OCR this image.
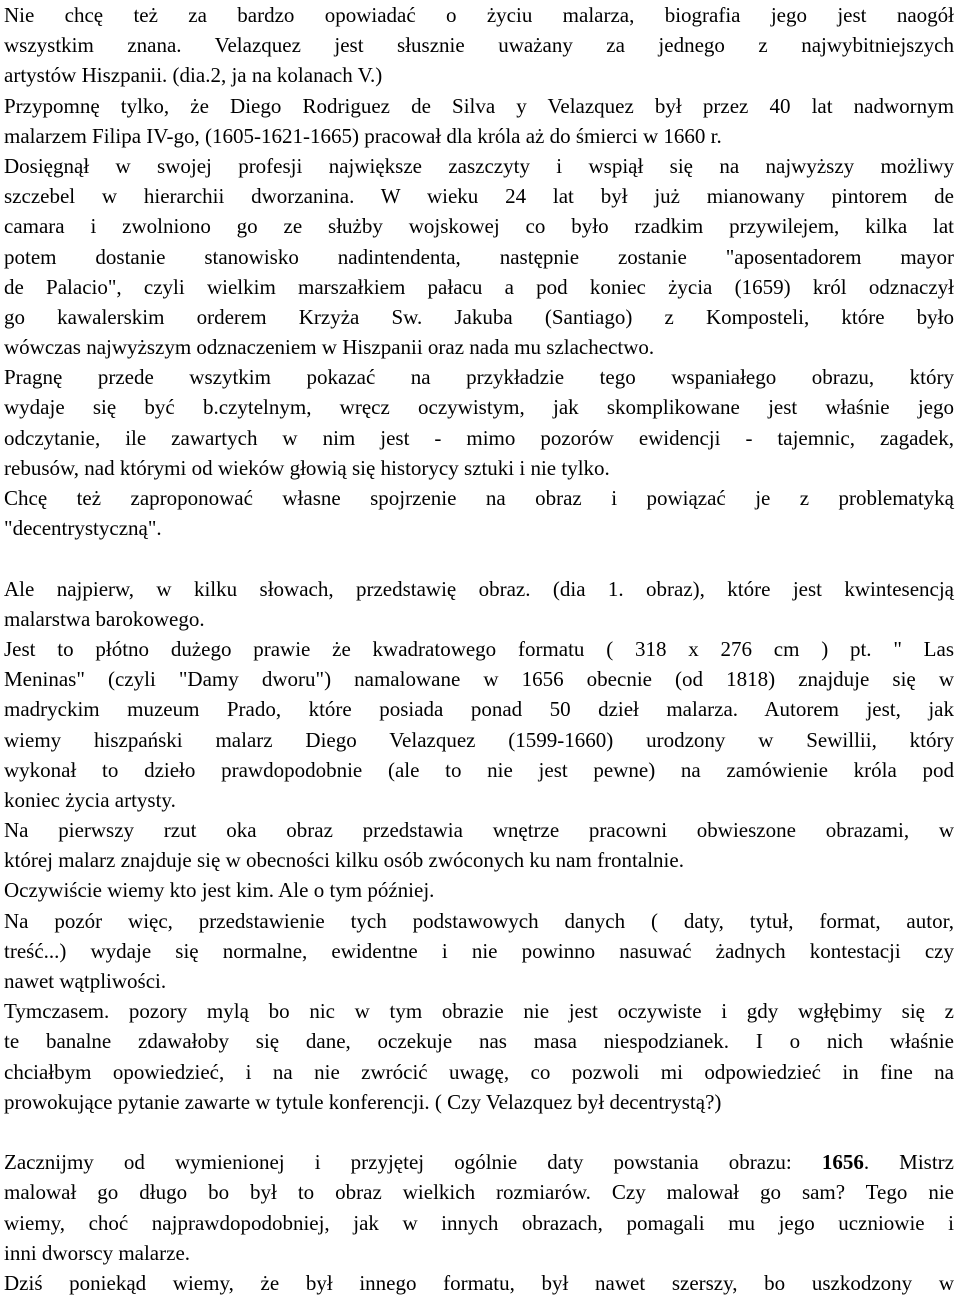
Nie chcę też za bardzo opowiadać o życiu malarza, biografia jego jest naogół
wszystkim znana. Velazquez jest słusznie uważany za jednego z najwybitniejszych
artystów Hiszpanii. (dia.2, ja na kolanach V.)
Przypomnę tylko, że Diego Rodriguez de Silva y Velazquez był przez 40 lat nadwornym
malarzem Filipa IV-go, (1605-1621-1665) pracował dla króla aż do śmierci w 1660 r.
Dosięgnął w swojej profesji największe zaszczyty i wspiął się na najwyższy możliwy
szczebel w hierarchii dworzanina. W wieku 24 lat był już mianowany pintorem de
camara i zwolniono go ze służby wojskowej co było rzadkim przywilejem, kilka lat
potem dostanie stanowisko nadintendenta, następnie zostanie "aposentadorem mayor
de Palacio", czyli wielkim marszałkiem pałacu a pod koniec życia (1659) król odznaczył
go kawalerskim orderem Krzyża Sw. Jakuba (Santiago) z Komposteli, które było
wówczas najwyższym odznaczeniem w Hiszpanii oraz nada mu szlachectwo.
Pragnę przede wszytkim pokazać na przykładzie tego wspaniałego obrazu, który
wydaje się być b.czytelnym, wręcz oczywistym, jak skomplikowane jest właśnie jego
odczytanie, ile zawartych w nim jest - mimo pozorów ewidencji - tajemnic, zagadek,
rebusów, nad którymi od wieków głowią się historycy sztuki i nie tylko.
Chcę też zaproponować własne spojrzenie na obraz i powiązać je z problematyką
"decentrystyczną".
Ale najpierw, w kilku słowach, przedstawię obraz. (dia 1. obraz), które jest kwintesencją
malarstwa barokowego.
Jest to płótno dużego prawie że kwadratowego formatu ( 318 x 276 cm ) pt. " Las
Meninas" (czyli "Damy dworu") namalowane w 1656 obecnie (od 1818) znajduje się w
madryckim muzeum Prado, które posiada ponad 50 dzieł malarza. Autorem jest, jak
wiemy hiszpański malarz Diego Velazquez (1599-1660) urodzony w Sewillii, który
wykonał to dzieło prawdopodobnie (ale to nie jest pewne) na zamówienie króla pod
koniec życia artysty.
Na pierwszy rzut oka obraz przedstawia wnętrze pracowni obwieszone obrazami, w
której malarz znajduje się w obecności kilku osób zwóconych ku nam frontalnie.
Oczywiście wiemy kto jest kim. Ale o tym później.
Na pozór więc, przedstawienie tych podstawowych danych ( daty, tytuł, format, autor,
treść...) wydaje się normalne, ewidentne i nie powinno nasuwać żadnych kontestacji czy
nawet wątpliwości.
Tymczasem. pozory mylą bo nic w tym obrazie nie jest oczywiste i gdy wgłębimy się z
te banalne zdawałoby się dane, oczekuje nas masa niespodzianek. I o nich właśnie
chciałbym opowiedzieć, i na nie zwrócić uwagę, co pozwoli mi odpowiedzieć in fine na
prowokujące pytanie zawarte w tytule konferencji. ( Czy Velazquez był decentrystą?)
Zacznijmy od wymienionej i przyjętej ogólnie daty powstania obrazu: 1656. Mistrz
malował go długo bo był to obraz wielkich rozmiarów. Czy malował go sam? Tego nie
wiemy, choć najprawdopodobniej, jak w innych obrazach, pomagali mu jego uczniowie i
inni dworscy malarze.
Dziś poniekąd wiemy, że był innego formatu, był nawet szerszy, bo uszkodzony w
